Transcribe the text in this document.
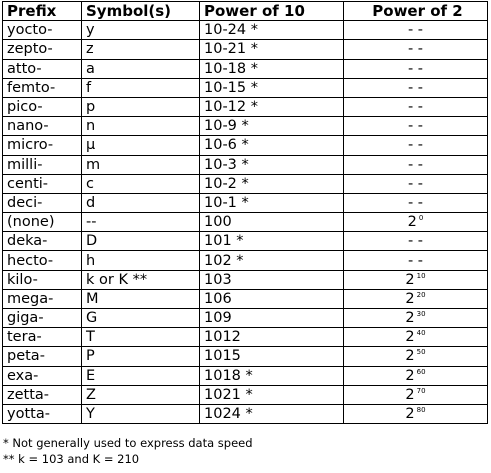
Prefix	Symbol(s)	Power of 10	Power of 2
yocto-	y	10-24 *	- -
zepto-	z	10-21 *	- -
atto-	a	10-18 *	- -
femto-	f	10-15 *	- -
pico-	p	10-12 *	- -
nano-	n	10-9 *	- -
micro-	µ	10-6 *	- -
milli-	m	10-3 *	- -
centi-	c	10-2 *	- -
deci-	d	10-1 *	- -
(none)	--	100	2 $^0$
deka-	D	101 *	- -
hecto-	h	102 *	- -
kilo-	k or K **	103	2 $^{10}$
mega-	M	106	2 $^{20}$
giga-	G	109	2 $^{30}$
tera-	T	1012	2 $^{40}$
peta-	P	1015	2 $^{50}$
exa-	E	1018 *	2 $^{60}$
zetta-	Z	1021 *	2 $^{70}$
yotta-	Y	1024 *	2 $^{80}$
* Not generally used to express data speed
** k = 103 and K = 210
